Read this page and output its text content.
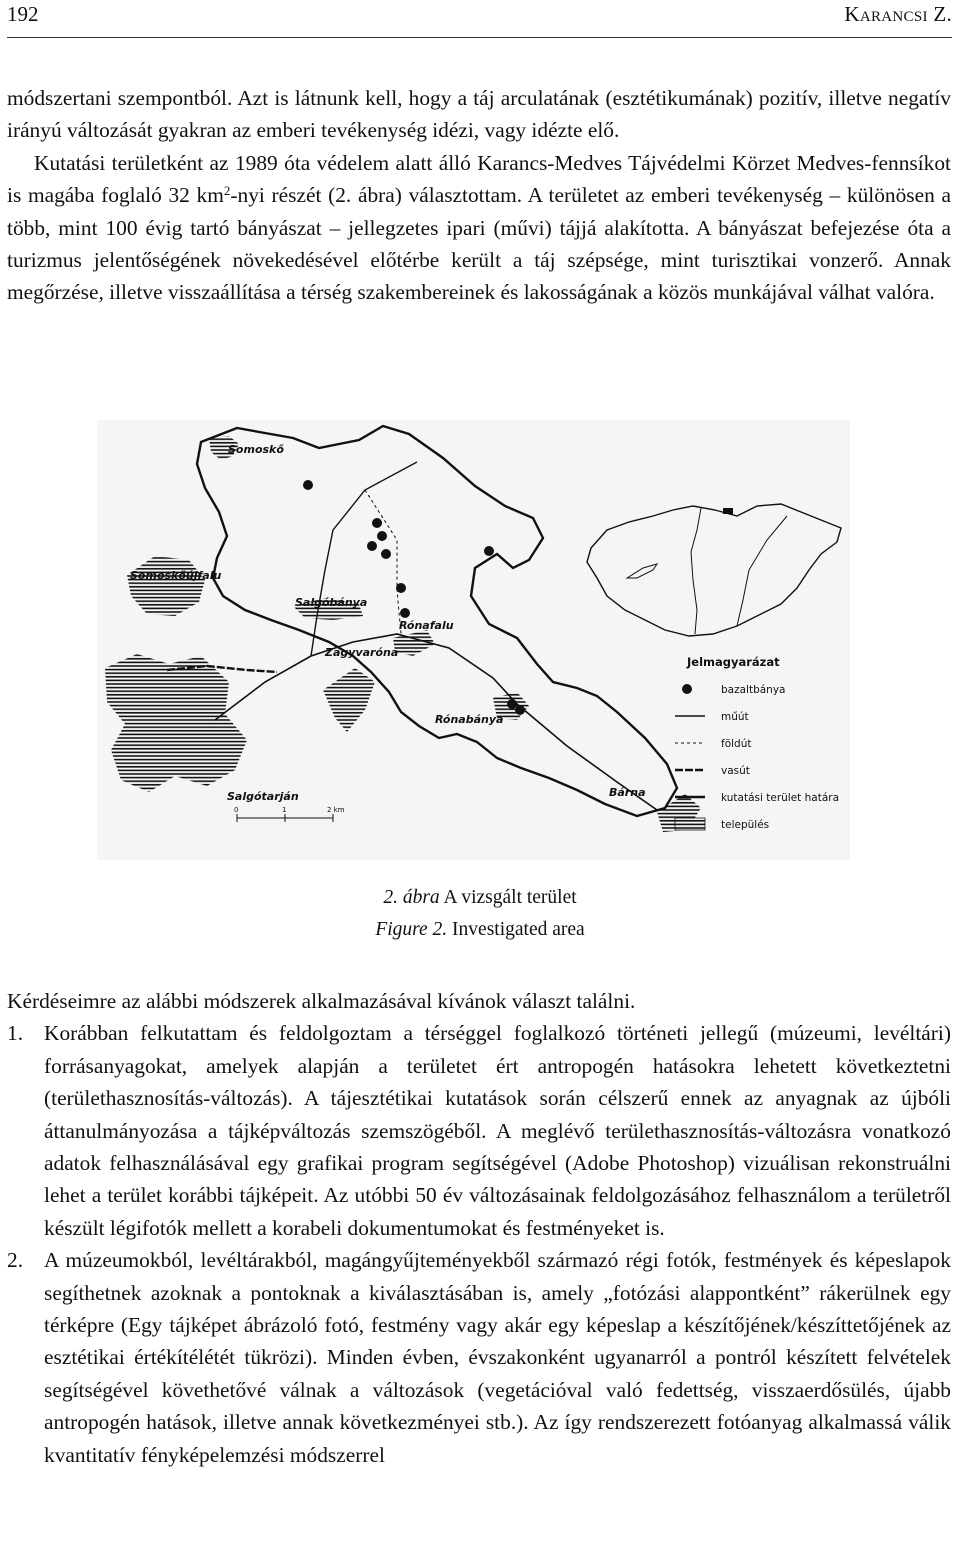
192	Karancsi Z.

módszertani szempontból. Azt is látnunk kell, hogy a táj arculatának (esztétikumának) pozitív, illetve negatív irányú változását gyakran az emberi tevékenység idézi, vagy idézte elő.

Kutatási területként az 1989 óta védelem alatt álló Karancs-Medves Tájvédelmi Körzet Medves-fennsíkot is magába foglaló 32 $km^2$-nyi részét (2. ábra) választottam. A területet az emberi tevékenység – különösen a több, mint 100 évig tartó bányászat – jellegzetes ipari (művi) tájjá alakította. A bányászat befejezése óta a turizmus jelentőségének növekedésével előtérbe került a táj szépsége, mint turisztikai vonzerő. Annak megőrzése, illetve visszaállítása a térség szakembereinek és lakosságának a közös munkájával válhat valóra.

Somoskő
Somoskőújfalu
Salgóbánya
Rónafalu
Zagyvaróna
Rónabánya
Salgótarján	Bárna
0	1	2 km
Jelmagyarázat
bazaltbánya
műút
földút
vasút
kutatási terület határa
település
2. ábra A vizsgált terület
Figure 2. Investigated area

Kérdéseimre az alábbi módszerek alkalmazásával kívánok választ találni.

1. Korábban felkutattam és feldolgoztam a térséggel foglalkozó történeti jellegű (múzeumi, levéltári) forrásanyagokat, amelyek alapján a területet ért antropogén hatásokra lehetett következtetni (területhasznosítás-változás). A tájesztétikai kutatások során célszerű ennek az anyagnak az újbóli áttanulmányozása a tájképváltozás szemszögéből. A meglévő területhasznosítás-változásra vonatkozó adatok felhasználásával egy grafikai program segítségével (Adobe Photoshop) vizuálisan rekonstruálni lehet a terület korábbi tájképeit. Az utóbbi 50 év változásainak feldolgozásához felhasználom a területről készült légifotók mellett a korabeli dokumentumokat és festményeket is.
2. A múzeumokból, levéltárakból, magángyűjteményekből származó régi fotók, festmények és képeslapok segíthetnek azoknak a pontoknak a kiválasztásában is, amely „fotózási alappontként” rákerülnek egy térképre (Egy tájképet ábrázoló fotó, festmény vagy akár egy képeslap a készítőjének/készíttetőjének az esztétikai értékítélétét tükrözi). Minden évben, évszakonként ugyanarról a pontról készített felvételek segítségével követhetővé válnak a változások (vegetációval való fedettség, visszaerdősülés, újabb antropogén hatások, illetve annak következményei stb.). Az így rendszerezett fotóanyag alkalmassá válik kvantitatív fényképelemzési módszerrel
